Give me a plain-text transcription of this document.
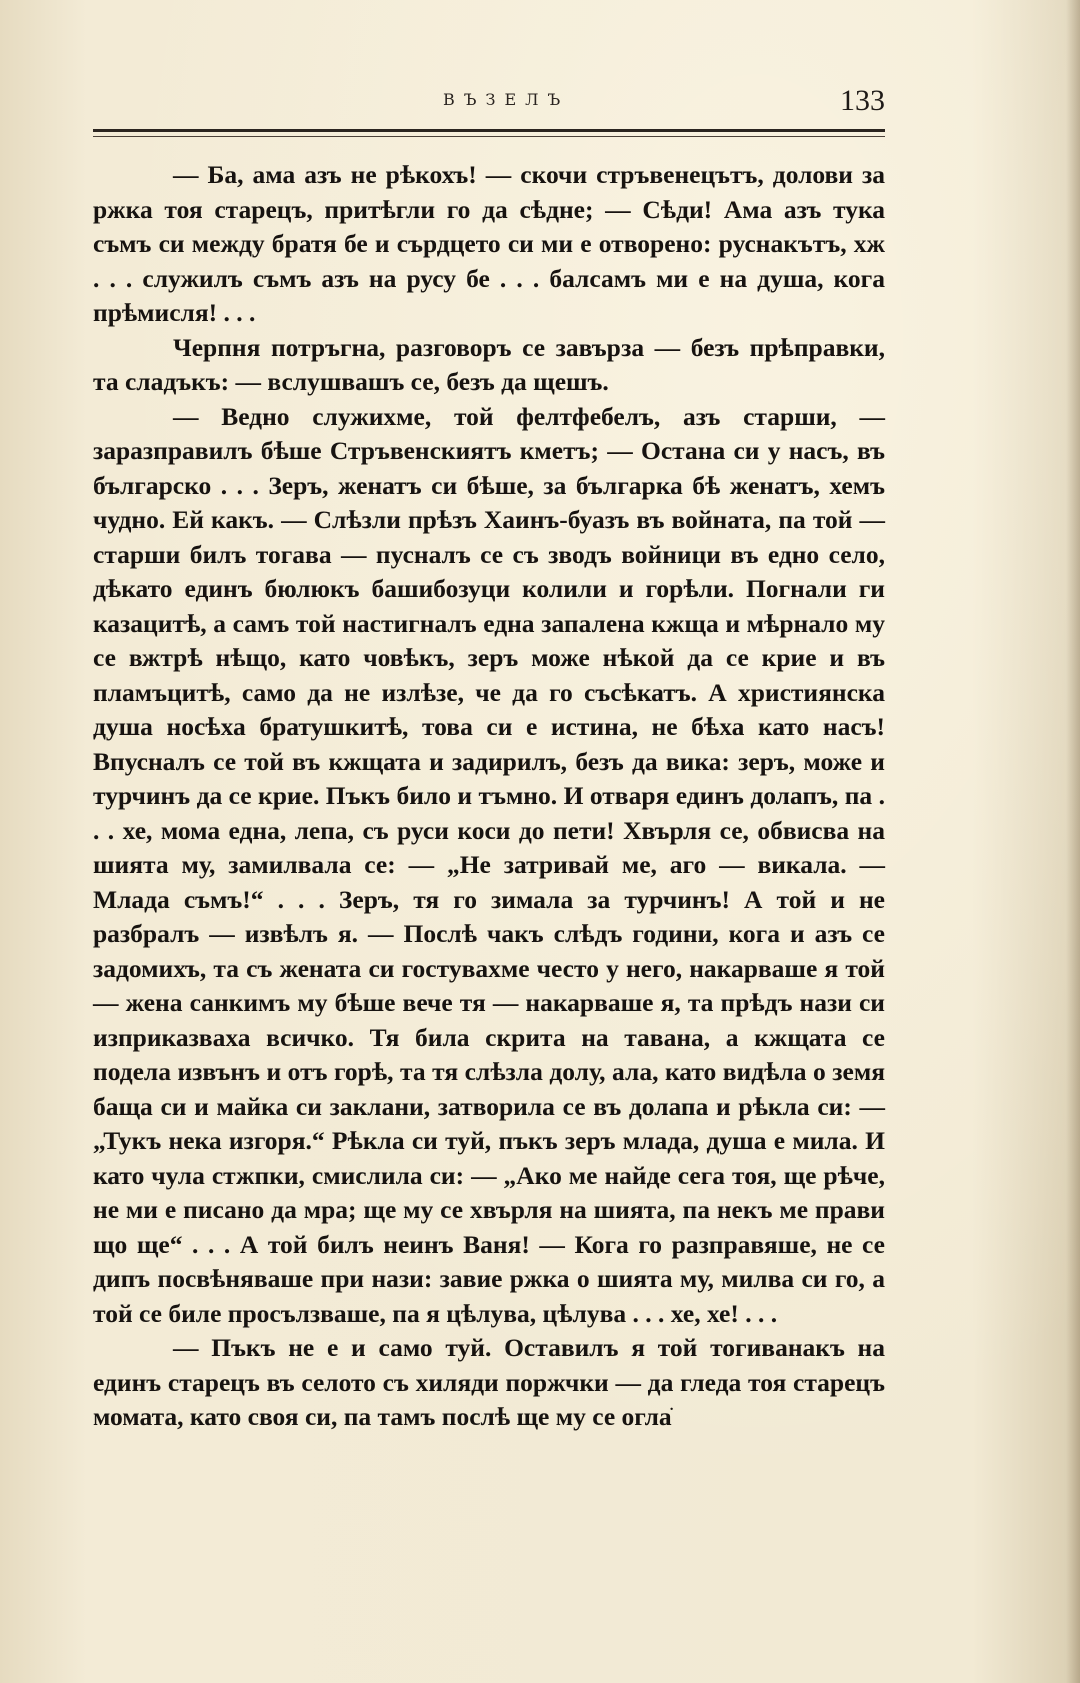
ВЪЗЕЛЪ	133

— Ба, ама азъ не рѣкохъ! — скочи стръвенецътъ, долови за ржка тоя старецъ, притѣгли го да сѣдне; — Сѣди! Ама азъ тука съмъ си между братя бе и сърдцето си ми е отворено: руснакътъ, хж . . . служилъ съмъ азъ на русу бе . . . балсамъ ми е на душа, кога прѣмисля! . . .

Черпня потръгна, разговоръ се завърза — безъ прѣправки, та сладъкъ: — вслушвашъ се, безъ да щешъ.

— Ведно служихме, той фелтфебелъ, азъ старши, — заразправилъ бѣше Стръвенскиятъ кметъ; — Остана си у насъ, въ българско . . . Зеръ, женатъ си бѣше, за българка бѣ женатъ, хемъ чудно. Ей какъ. — Слѣзли прѣзъ Хаинъ-буазъ въ войната, па той — старши билъ тогава — пусналъ се съ зводъ войници въ едно село, дѣкато единъ бюлюкъ башибозуци колили и горѣли. Погнали ги казацитѣ, а самъ той настигналъ една запалена кжща и мѣрнало му се вжтрѣ нѣщо, като човѣкъ, зеръ може нѣкой да се крие и въ пламъцитѣ, само да не излѣзе, че да го съсѣкатъ. А християнска душа носѣха братушкитѣ, това си е истина, не бѣха като насъ! Впусналъ се той въ кжщата и задирилъ, безъ да вика: зеръ, може и турчинъ да се крие. Пъкъ било и тъмно. И отваря единъ долапъ, па . . . хе, мома една, лепа, съ руси коси до пети! Хвърля се, обвисва на шията му, замилвала се: — „Не затривай ме, аго — викала. — Млада съмъ!“ . . . Зеръ, тя го зимала за турчинъ! А той и не разбралъ — извѣлъ я. — Послѣ чакъ слѣдъ години, кога и азъ се задомихъ, та съ жената си гостувахме често у него, накарваше я той — жена санкимъ му бѣше вече тя — накарваше я, та прѣдъ нази си изприказваха всичко. Тя била скрита на тавана, а кжщата се подела извънъ и отъ горѣ, та тя слѣзла долу, ала, като видѣла о земя баща си и майка си заклани, затворила се въ долапа и рѣкла си: — „Тукъ нека изгоря.“ Рѣкла си туй, пъкъ зеръ млада, душа е мила. И като чула стжпки, смислила си: — „Ако ме найде сега тоя, ще рѣче, не ми е писано да мра; ще му се хвърля на шията, па некъ ме прави що ще“ . . . А той билъ неинъ Ваня! — Кога го разправяше, не се дипъ посвѣняваше при нази: завие ржка о шията му, милва си го, а той се биле просълзваше, па я цѣлува, цѣлува . . . хе, хе! . . .

— Пъкъ не е и само туй. Оставилъ я той тогиванакъ на единъ старецъ въ селото съ хиляди поржчки — да гледа тоя старецъ момата, като своя си, па тамъ послѣ ще му се оглаֹ
